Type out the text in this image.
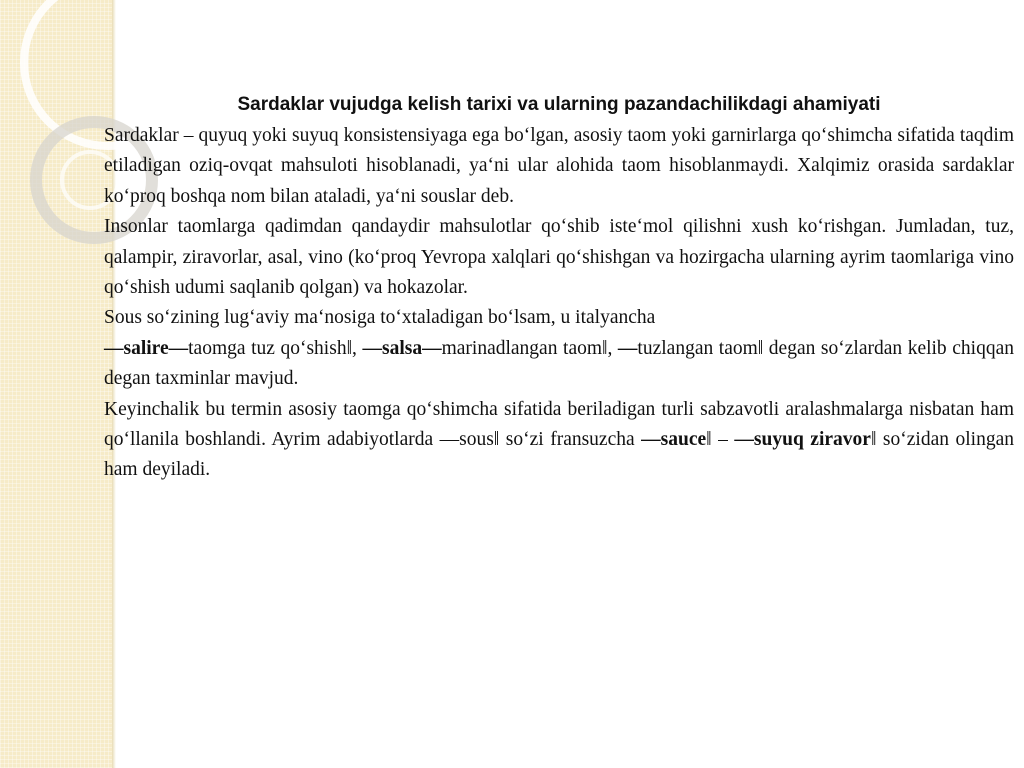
Sardaklar vujudga kelish tarixi va ularning pazandachilikdagi ahamiyati

Sardaklar – quyuq yoki suyuq konsistensiyaga ega bo‘lgan, asosiy taom yoki garnirlarga qo‘shimcha sifatida taqdim etiladigan oziq-ovqat mahsuloti hisoblanadi, ya‘ni ular alohida taom hisoblanmaydi. Xalqimiz orasida sardaklar ko‘proq boshqa nom bilan ataladi, ya‘ni souslar deb.

Insonlar taomlarga qadimdan qandaydir mahsulotlar qo‘shib iste‘mol qilishni xush ko‘rishgan. Jumladan, tuz, qalampir, ziravorlar, asal, vino (ko‘proq Yevropa xalqlari qo‘shishgan va hozirgacha ularning ayrim taomlariga vino qo‘shish udumi saqlanib qolgan) va hokazolar.

Sous so‘zining lug‘aviy ma‘nosiga to‘xtaladigan bo‘lsam, u italyancha

―salire―taomga tuz qo‘shish‖, ―salsa―marinadlangan taom‖, ―tuzlangan taom‖ degan so‘zlardan kelib chiqqan degan taxminlar mavjud.

Keyinchalik bu termin asosiy taomga qo‘shimcha sifatida beriladigan turli sabzavotli aralashmalarga nisbatan ham qo‘llanila boshlandi. Ayrim adabiyotlarda ―sous‖ so‘zi fransuzcha ―sauce‖ – ―suyuq ziravor‖ so‘zidan olingan ham deyiladi.
